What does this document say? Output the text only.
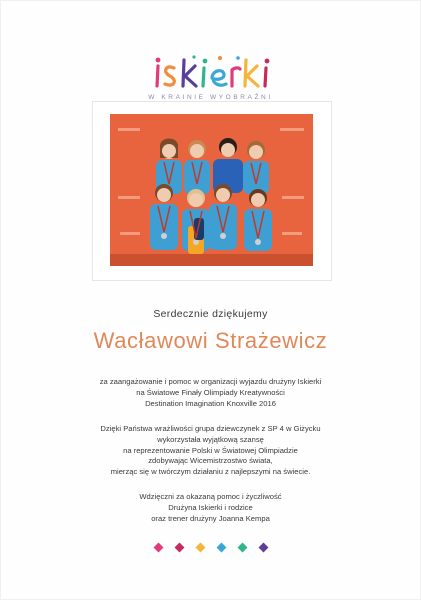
W KRAINIE WYOBRAŹNI
Serdecznie dziękujemy
Wacławowi Strażewicz
za zaangażowanie i pomoc w organizacji wyjazdu drużyny Iskierki
na Światowe Finały Olimpiady Kreatywności
Destination Imagination Knoxville 2016
Dzięki Państwa wrażliwości grupa dziewczynek z SP 4 w Giżycku
wykorzystała wyjątkową szansę
na reprezentowanie Polski w Światowej Olimpiadzie
zdobywając Wicemistrzostwo świata,
mierząc się w twórczym działaniu z najlepszymi na świecie.
Wdzięczni za okazaną pomoc i życzliwość
Drużyna Iskierki i rodzice
oraz trener drużyny Joanna Kempa
